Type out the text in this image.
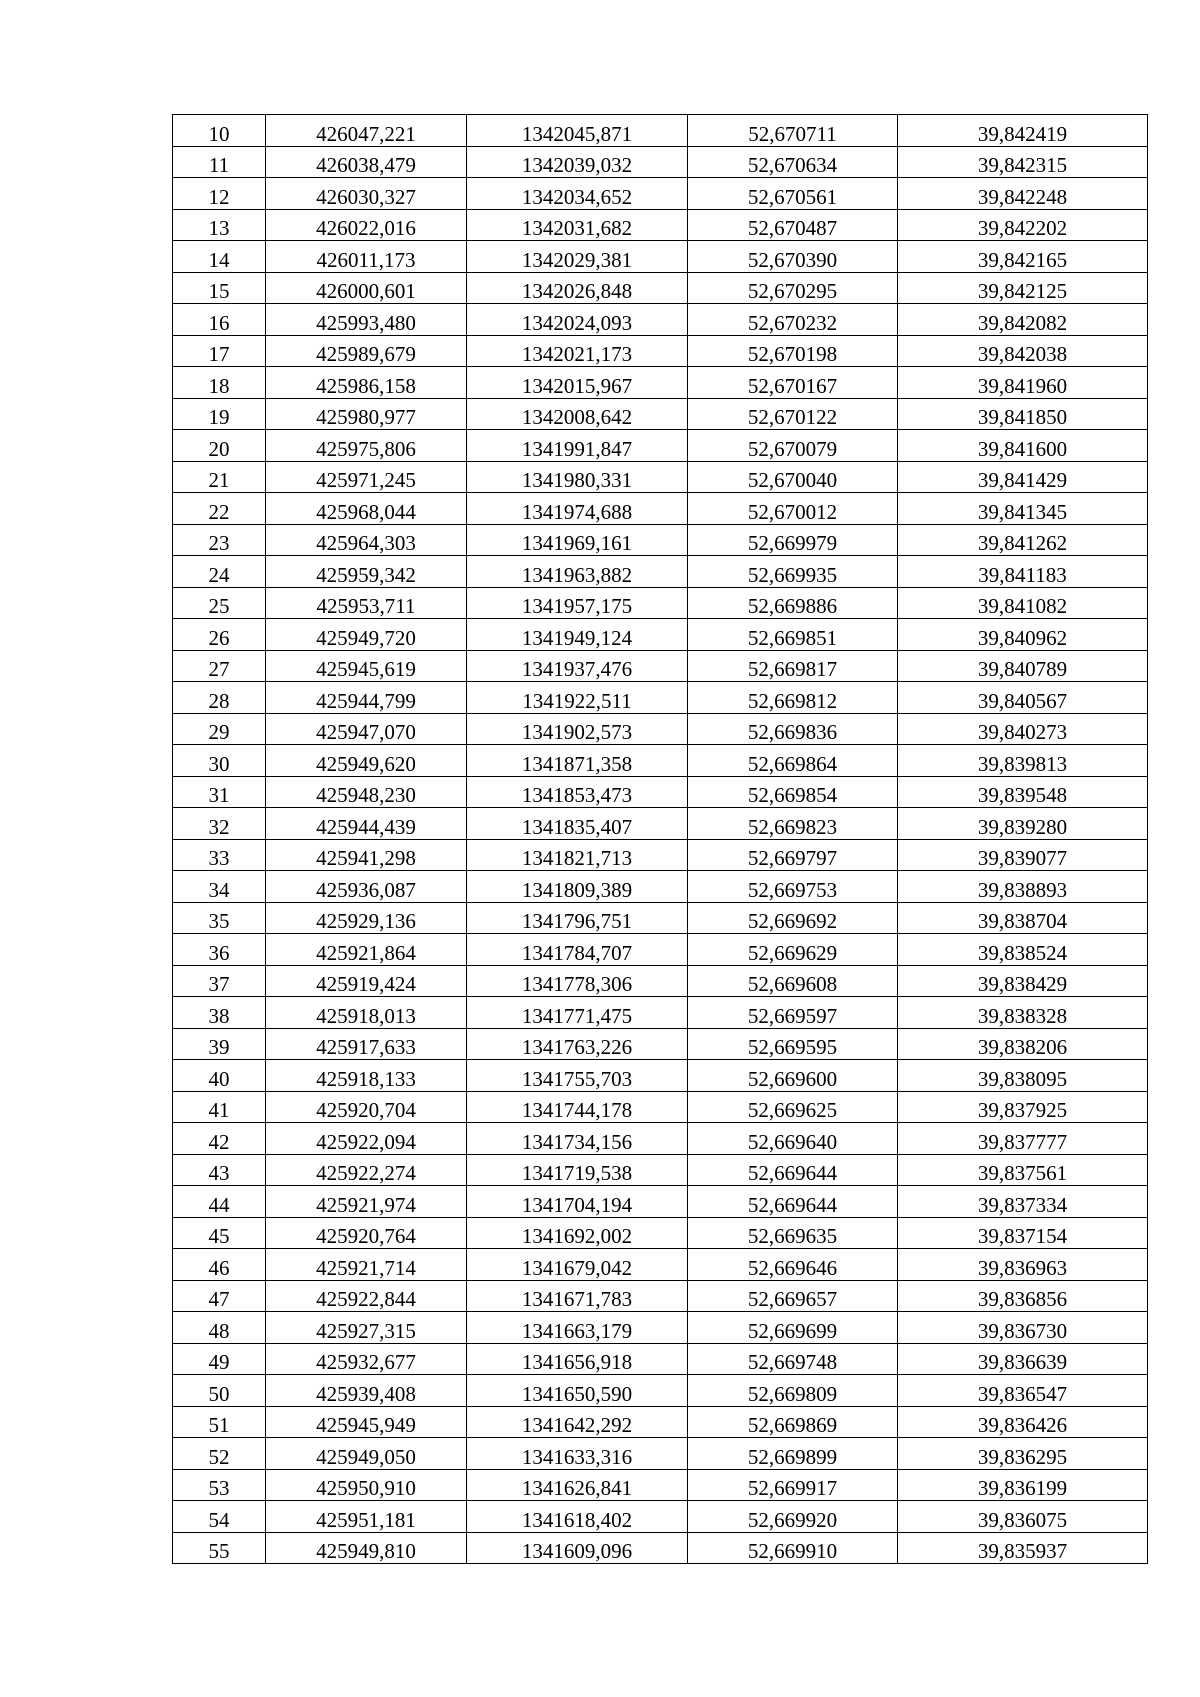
10	426047,221	1342045,871	52,670711	39,842419
11	426038,479	1342039,032	52,670634	39,842315
12	426030,327	1342034,652	52,670561	39,842248
13	426022,016	1342031,682	52,670487	39,842202
14	426011,173	1342029,381	52,670390	39,842165
15	426000,601	1342026,848	52,670295	39,842125
16	425993,480	1342024,093	52,670232	39,842082
17	425989,679	1342021,173	52,670198	39,842038
18	425986,158	1342015,967	52,670167	39,841960
19	425980,977	1342008,642	52,670122	39,841850
20	425975,806	1341991,847	52,670079	39,841600
21	425971,245	1341980,331	52,670040	39,841429
22	425968,044	1341974,688	52,670012	39,841345
23	425964,303	1341969,161	52,669979	39,841262
24	425959,342	1341963,882	52,669935	39,841183
25	425953,711	1341957,175	52,669886	39,841082
26	425949,720	1341949,124	52,669851	39,840962
27	425945,619	1341937,476	52,669817	39,840789
28	425944,799	1341922,511	52,669812	39,840567
29	425947,070	1341902,573	52,669836	39,840273
30	425949,620	1341871,358	52,669864	39,839813
31	425948,230	1341853,473	52,669854	39,839548
32	425944,439	1341835,407	52,669823	39,839280
33	425941,298	1341821,713	52,669797	39,839077
34	425936,087	1341809,389	52,669753	39,838893
35	425929,136	1341796,751	52,669692	39,838704
36	425921,864	1341784,707	52,669629	39,838524
37	425919,424	1341778,306	52,669608	39,838429
38	425918,013	1341771,475	52,669597	39,838328
39	425917,633	1341763,226	52,669595	39,838206
40	425918,133	1341755,703	52,669600	39,838095
41	425920,704	1341744,178	52,669625	39,837925
42	425922,094	1341734,156	52,669640	39,837777
43	425922,274	1341719,538	52,669644	39,837561
44	425921,974	1341704,194	52,669644	39,837334
45	425920,764	1341692,002	52,669635	39,837154
46	425921,714	1341679,042	52,669646	39,836963
47	425922,844	1341671,783	52,669657	39,836856
48	425927,315	1341663,179	52,669699	39,836730
49	425932,677	1341656,918	52,669748	39,836639
50	425939,408	1341650,590	52,669809	39,836547
51	425945,949	1341642,292	52,669869	39,836426
52	425949,050	1341633,316	52,669899	39,836295
53	425950,910	1341626,841	52,669917	39,836199
54	425951,181	1341618,402	52,669920	39,836075
55	425949,810	1341609,096	52,669910	39,835937
